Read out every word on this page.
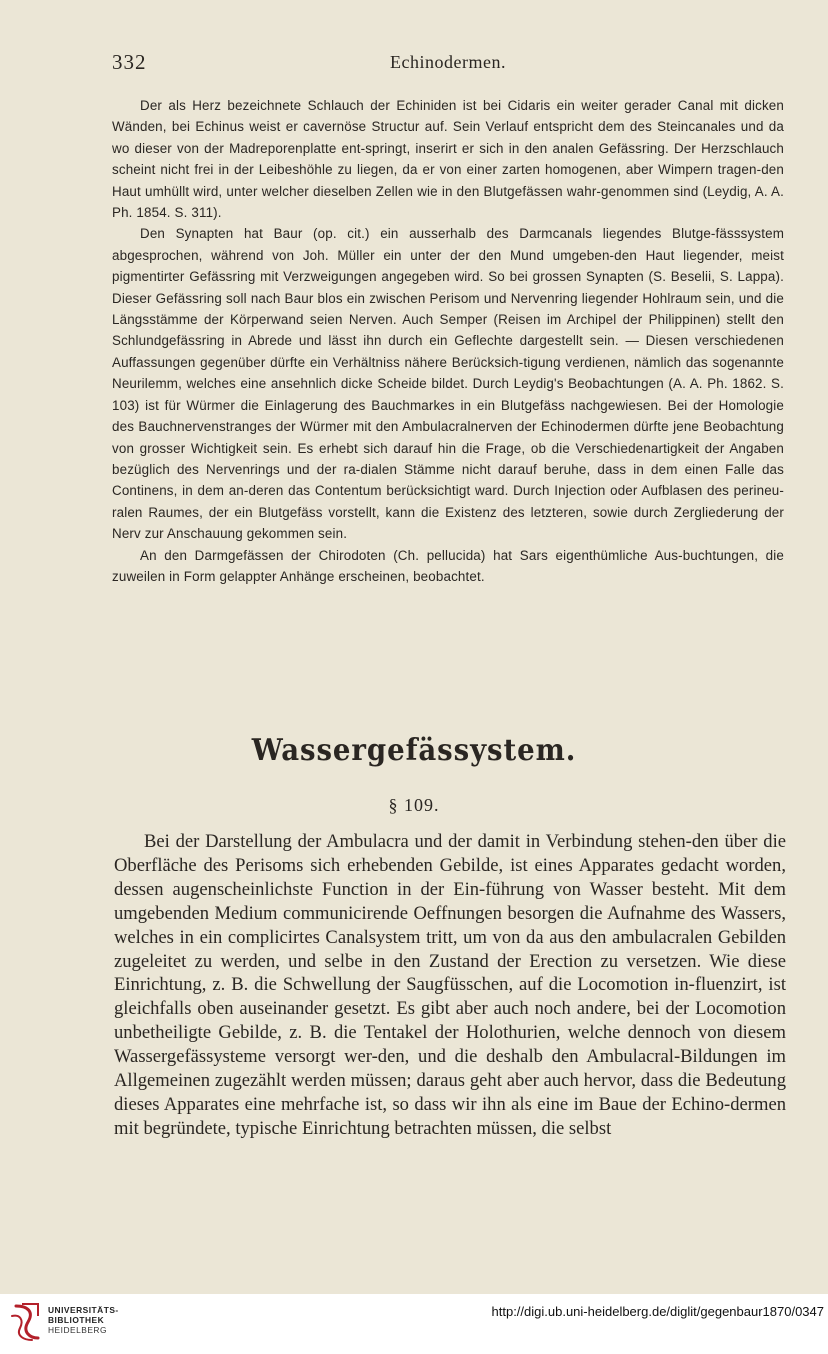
332	Echinodermen.

Der als Herz bezeichnete Schlauch der Echiniden ist bei Cidaris ein weiter gerader Canal mit dicken Wänden, bei Echinus weist er cavernöse Structur auf. Sein Verlauf entspricht dem des Steincanales und da wo dieser von der Madreporenplatte ent-springt, inserirt er sich in den analen Gefässring. Der Herzschlauch scheint nicht frei in der Leibeshöhle zu liegen, da er von einer zarten homogenen, aber Wimpern tragen-den Haut umhüllt wird, unter welcher dieselben Zellen wie in den Blutgefässen wahr-genommen sind (Leydig, A. A. Ph. 1854. S. 311).

Den Synapten hat Baur (op. cit.) ein ausserhalb des Darmcanals liegendes Blutge-fässsystem abgesprochen, während von Joh. Müller ein unter der den Mund umgeben-den Haut liegender, meist pigmentirter Gefässring mit Verzweigungen angegeben wird. So bei grossen Synapten (S. Beselii, S. Lappa). Dieser Gefässring soll nach Baur blos ein zwischen Perisom und Nervenring liegender Hohlraum sein, und die Längsstämme der Körperwand seien Nerven. Auch Semper (Reisen im Archipel der Philippinen) stellt den Schlundgefässring in Abrede und lässt ihn durch ein Geflechte dargestellt sein. — Diesen verschiedenen Auffassungen gegenüber dürfte ein Verhältniss nähere Berücksich-tigung verdienen, nämlich das sogenannte Neurilemm, welches eine ansehnlich dicke Scheide bildet. Durch Leydig's Beobachtungen (A. A. Ph. 1862. S. 103) ist für Würmer die Einlagerung des Bauchmarkes in ein Blutgefäss nachgewiesen. Bei der Homologie des Bauchnervenstranges der Würmer mit den Ambulacralnerven der Echinodermen dürfte jene Beobachtung von grosser Wichtigkeit sein. Es erhebt sich darauf hin die Frage, ob die Verschiedenartigkeit der Angaben bezüglich des Nervenrings und der ra-dialen Stämme nicht darauf beruhe, dass in dem einen Falle das Continens, in dem an-deren das Contentum berücksichtigt ward. Durch Injection oder Aufblasen des perineu-ralen Raumes, der ein Blutgefäss vorstellt, kann die Existenz des letzteren, sowie durch Zergliederung der Nerv zur Anschauung gekommen sein.

An den Darmgefässen der Chirodoten (Ch. pellucida) hat Sars eigenthümliche Aus-buchtungen, die zuweilen in Form gelappter Anhänge erscheinen, beobachtet.

Wassergefässystem.
§ 109.

Bei der Darstellung der Ambulacra und der damit in Verbindung stehen-den über die Oberfläche des Perisoms sich erhebenden Gebilde, ist eines Apparates gedacht worden, dessen augenscheinlichste Function in der Ein-führung von Wasser besteht. Mit dem umgebenden Medium communicirende Oeffnungen besorgen die Aufnahme des Wassers, welches in ein complicirtes Canalsystem tritt, um von da aus den ambulacralen Gebilden zugeleitet zu werden, und selbe in den Zustand der Erection zu versetzen. Wie diese Einrichtung, z. B. die Schwellung der Saugfüsschen, auf die Locomotion in-fluenzirt, ist gleichfalls oben auseinander gesetzt. Es gibt aber auch noch andere, bei der Locomotion unbetheiligte Gebilde, z. B. die Tentakel der Holothurien, welche dennoch von diesem Wassergefässysteme versorgt wer-den, und die deshalb den Ambulacral-Bildungen im Allgemeinen zugezählt werden müssen; daraus geht aber auch hervor, dass die Bedeutung dieses Apparates eine mehrfache ist, so dass wir ihn als eine im Baue der Echino-dermen mit begründete, typische Einrichtung betrachten müssen, die selbst

UNIVERSITÄTS-
BIBLIOTHEK
HEIDELBERG
http://digi.ub.uni-heidelberg.de/diglit/gegenbaur1870/0347
